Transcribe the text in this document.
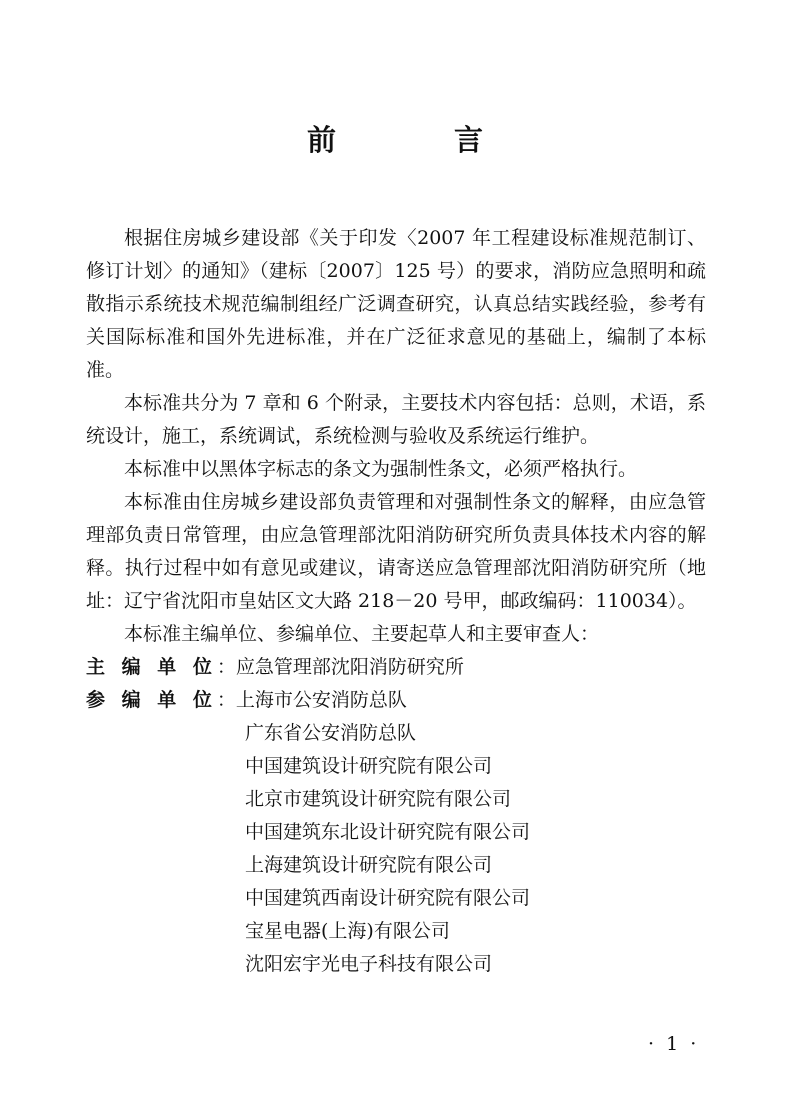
前 言

根据住房城乡建设部《关于印发〈2007 年工程建设标准规范制订、修订计划〉的通知》（建标〔2007〕125 号）的要求，消防应急照明和疏散指示系统技术规范编制组经广泛调查研究，认真总结实践经验，参考有关国际标准和国外先进标准，并在广泛征求意见的基础上，编制了本标准。

本标准共分为 7 章和 6 个附录，主要技术内容包括：总则，术语，系统设计，施工，系统调试，系统检测与验收及系统运行维护。

本标准中以黑体字标志的条文为强制性条文，必须严格执行。

本标准由住房城乡建设部负责管理和对强制性条文的解释，由应急管理部负责日常管理，由应急管理部沈阳消防研究所负责具体技术内容的解释。执行过程中如有意见或建议，请寄送应急管理部沈阳消防研究所（地址：辽宁省沈阳市皇姑区文大路 218－20 号甲，邮政编码：110034）。

本标准主编单位、参编单位、主要起草人和主要审查人：

主 编 单 位：应急管理部沈阳消防研究所
参 编 单 位：上海市公安消防总队
广东省公安消防总队
中国建筑设计研究院有限公司
北京市建筑设计研究院有限公司
中国建筑东北设计研究院有限公司
上海建筑设计研究院有限公司
中国建筑西南设计研究院有限公司
宝星电器(上海)有限公司
沈阳宏宇光电子科技有限公司
· 1 ·
